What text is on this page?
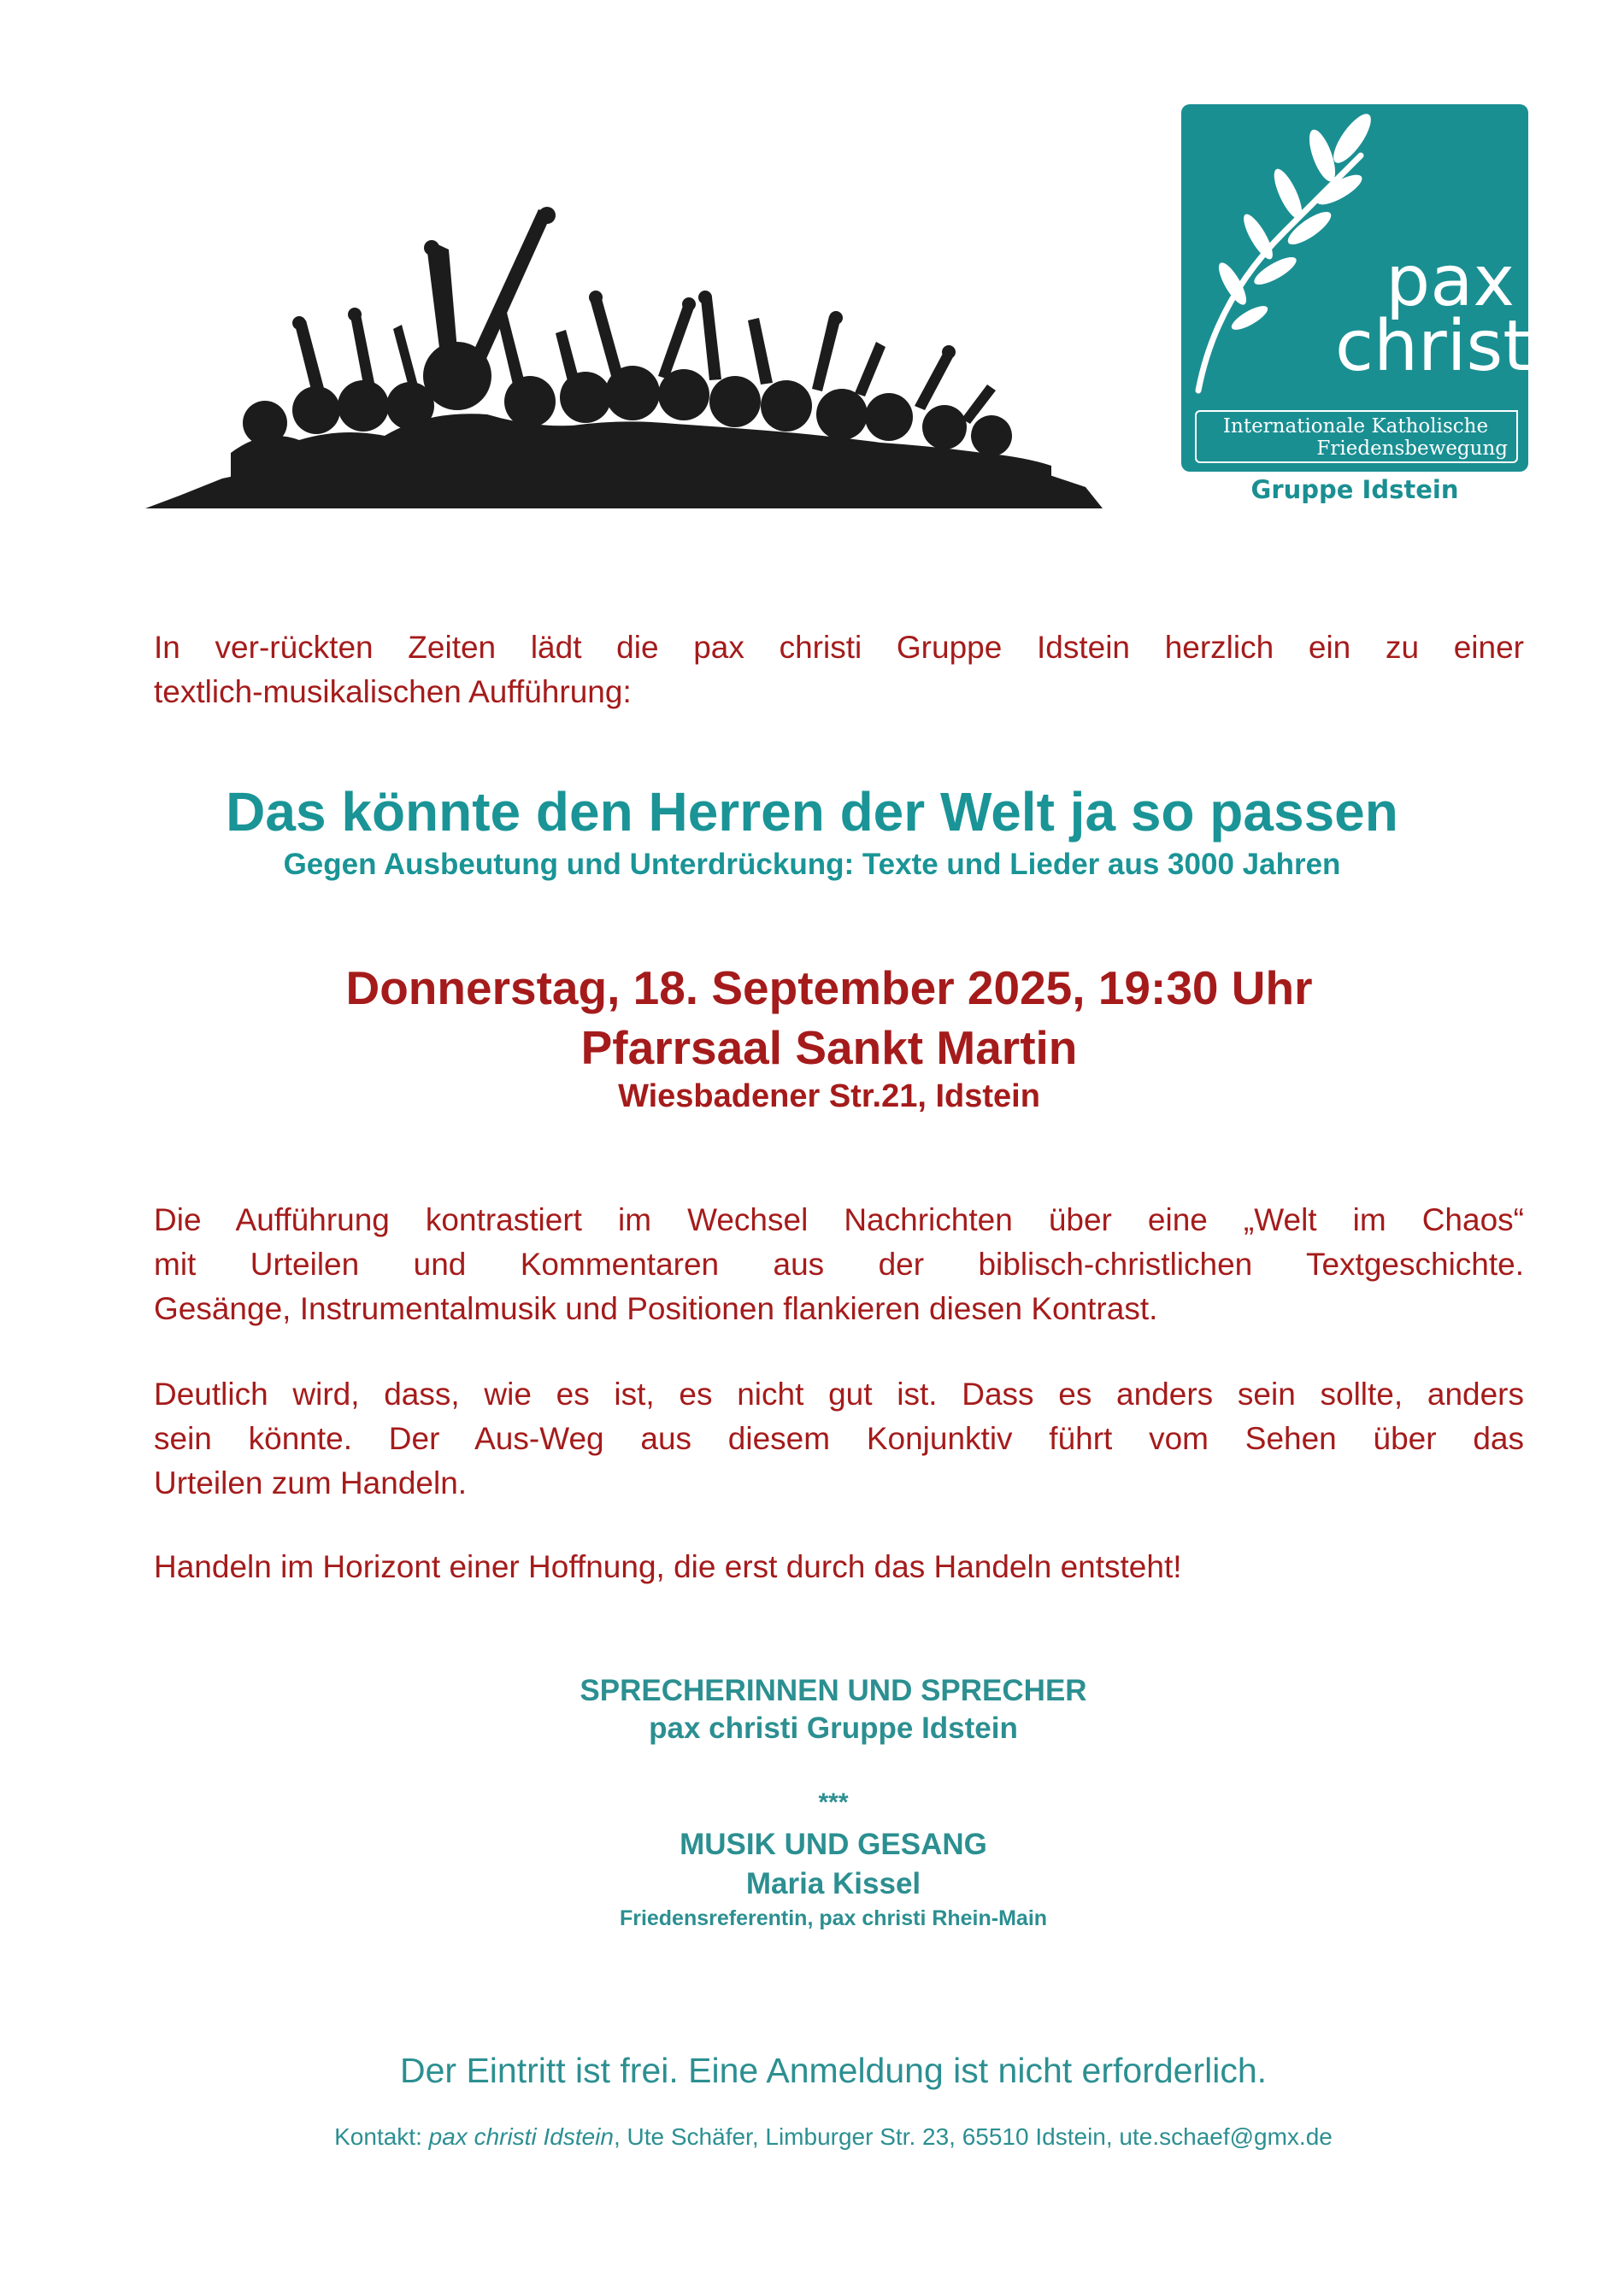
pax
christi
Internationale Katholische
Friedensbewegung
Gruppe Idstein
In ver-rückten Zeiten lädt die pax christi Gruppe Idstein herzlich ein zu einer
textlich-musikalischen Aufführung:
Das könnte den Herren der Welt ja so passen
Gegen Ausbeutung und Unterdrückung: Texte und Lieder aus 3000 Jahren
Donnerstag, 18. September 2025, 19:30 Uhr
Pfarrsaal Sankt Martin
Wiesbadener Str.21, Idstein
Die Aufführung kontrastiert im Wechsel Nachrichten über eine „Welt im Chaos“
mit Urteilen und Kommentaren aus der biblisch-christlichen Textgeschichte.
Gesänge, Instrumentalmusik und Positionen flankieren diesen Kontrast.
Deutlich wird, dass, wie es ist, es nicht gut ist. Dass es anders sein sollte, anders
sein könnte. Der Aus-Weg aus diesem Konjunktiv führt vom Sehen über das
Urteilen zum Handeln.
Handeln im Horizont einer Hoffnung, die erst durch das Handeln entsteht!
SPRECHERINNEN UND SPRECHER
pax christi Gruppe Idstein
***
MUSIK UND GESANG
Maria Kissel
Friedensreferentin, pax christi Rhein-Main
Der Eintritt ist frei. Eine Anmeldung ist nicht erforderlich.
Kontakt: pax christi Idstein, Ute Schäfer, Limburger Str. 23, 65510 Idstein, ute.schaef@gmx.de
